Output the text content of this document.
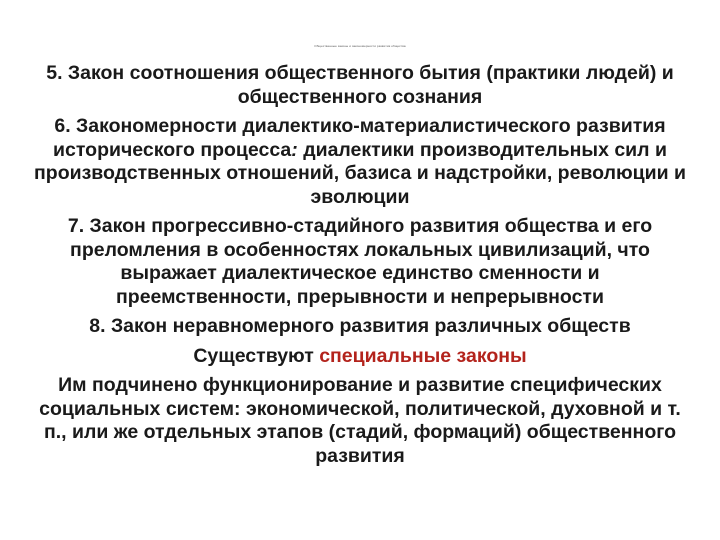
Общественные законы и закономерности развития общества

5. Закон соотношения общественного бытия (практики людей) и общественного сознания

6. Закономерности диалектико-материалистического развития исторического процесса: диалектики производительных сил и производственных отношений, базиса и надстройки, революции и эволюции

7. Закон прогрессивно-стадийного развития общества и его преломления в особенностях локальных цивилизаций, что выражает диалектическое единство сменности и преемственности, прерывности и непрерывности

8. Закон неравномерного развития различных обществ

Существуют специальные законы

Им подчинено функционирование и развитие специфических социальных систем: экономической, политической, духовной и т. п., или же отдельных этапов (стадий, формаций) общественного развития
